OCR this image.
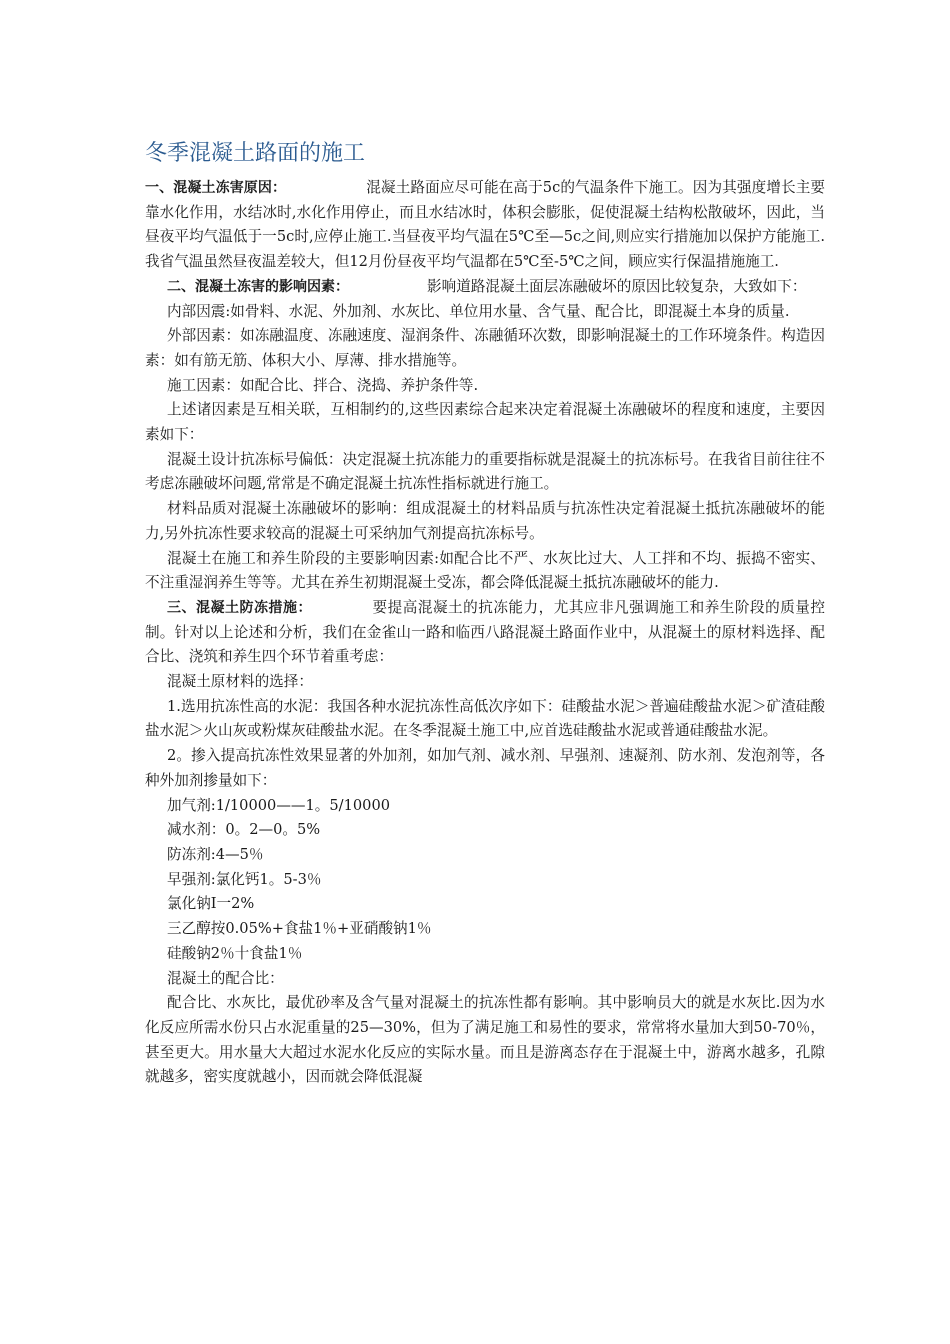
冬季混凝土路面的施工

一、混凝土冻害原因：	混凝土路面应尽可能在高于5c的气温条件下施工。因为其强度增长主要靠水化作用，水结冰时,水化作用停止，而且水结冰时，体积会膨胀，促使混凝土结构松散破坏，因此，当昼夜平均气温低于一5c时,应停止施工.当昼夜平均气温在5℃至—5c之间,则应实行措施加以保护方能施工.我省气温虽然昼夜温差较大，但12月份昼夜平均气温都在5℃至-5℃之间，顾应实行保温措施施工.

二、混凝土冻害的影响因素：	影响道路混凝土面层冻融破坏的原因比较复杂，大致如下：

内部因震:如骨料、水泥、外加剂、水灰比、单位用水量、含气量、配合比，即混凝土本身的质量.

外部因素：如冻融温度、冻融速度、湿润条件、冻融循环次数，即影响混凝土的工作环境条件。构造因素：如有筋无筋、体积大小、厚薄、排水措施等。

施工因素：如配合比、拌合、浇捣、养护条件等.

上述诸因素是互相关联，互相制约的,这些因素综合起来决定着混凝土冻融破坏的程度和速度，主要因素如下：

混凝土设计抗冻标号偏低：决定混凝土抗冻能力的重要指标就是混凝土的抗冻标号。在我省目前往往不考虑冻融破坏问题,常常是不确定混凝土抗冻性指标就进行施工。

材料品质对混凝土冻融破坏的影响：组成混凝土的材料品质与抗冻性决定着混凝土抵抗冻融破坏的能力,另外抗冻性要求较高的混凝土可采纳加气剂提高抗冻标号。

混凝土在施工和养生阶段的主要影响因素:如配合比不严、水灰比过大、人工拌和不均、振捣不密实、不注重湿润养生等等。尤其在养生初期混凝土受冻，都会降低混凝土抵抗冻融破坏的能力.

三、混凝土防冻措施：	要提高混凝土的抗冻能力，尤其应非凡强调施工和养生阶段的质量控制。针对以上论述和分析，我们在金雀山一路和临西八路混凝土路面作业中，从混凝土的原材料选择、配合比、浇筑和养生四个环节着重考虑：

混凝土原材料的选择：

1.选用抗冻性高的水泥：我国各种水泥抗冻性高低次序如下：硅酸盐水泥＞普遍硅酸盐水泥＞矿渣硅酸盐水泥＞火山灰或粉煤灰硅酸盐水泥。在冬季混凝土施工中,应首选硅酸盐水泥或普通硅酸盐水泥。

2。掺入提高抗冻性效果显著的外加剂，如加气剂、减水剂、早强剂、速凝剂、防水剂、发泡剂等，各种外加剂掺量如下：

加气剂:1/10000——1。5/10000

减水剂：0。2—0。5%

防冻剂:4—5％

早强剂:氯化钙1。5-3％

氯化钠Ⅰ一2%

三乙醇按0.05%+食盐1％+亚硝酸钠1％

硅酸钠2％十食盐1％

混凝土的配合比：

配合比、水灰比，最优砂率及含气量对混凝土的抗冻性都有影响。其中影响员大的就是水灰比.因为水化反应所需水份只占水泥重量的25—30%，但为了满足施工和易性的要求，常常将水量加大到50-70％，甚至更大。用水量大大超过水泥水化反应的实际水量。而且是游离态存在于混凝土中，游离水越多，孔隙就越多，密实度就越小，因而就会降低混凝
